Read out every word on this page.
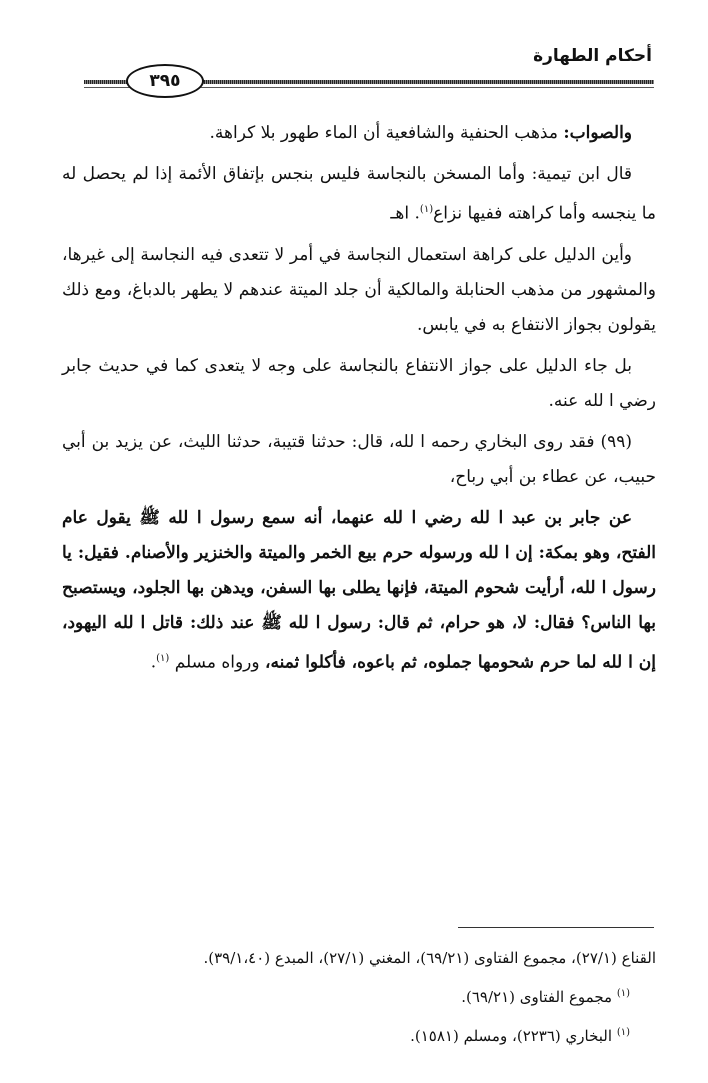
أحكام الطهارة
٣٩٥

والصواب: مذهب الحنفية والشافعية أن الماء طهور بلا كراهة.

قال ابن تيمية: وأما المسخن بالنجاسة فليس بنجس بإتفاق الأئمة إذا لم يحصل له ما ينجسه وأما كراهته ففيها نزاع$^{(١)}$. اهـ

وأين الدليل على كراهة استعمال النجاسة في أمر لا تتعدى فيه النجاسة إلى غيرها، والمشهور من مذهب الحنابلة والمالكية أن جلد الميتة عندهم لا يطهر بالدباغ، ومع ذلك يقولون بجواز الانتفاع به في يابس.

بل جاء الدليل على جواز الانتفاع بالنجاسة على وجه لا يتعدى كما في حديث جابر رضي ا لله عنه.

(٩٩) فقد روى البخاري رحمه ا لله، قال: حدثنا قتيبة، حدثنا الليث، عن يزيد بن أبي حبيب، عن عطاء بن أبي رباح،

عن جابر بن عبد ا لله رضي ا لله عنهما، أنه سمع رسول ا لله ﷺ يقول عام الفتح، وهو بمكة: إن ا لله ورسوله حرم بيع الخمر والميتة والخنزير والأصنام. فقيل: يا رسول ا لله، أرأيت شحوم الميتة، فإنها يطلى بها السفن، ويدهن بها الجلود، ويستصبح بها الناس؟ فقال: لا، هو حرام، ثم قال: رسول ا لله ﷺ عند ذلك: قاتل ا لله اليهود، إن ا لله لما حرم شحومها جملوه، ثم باعوه، فأكلوا ثمنه، ورواه مسلم $^{(١)}$.

القناع (٢٧/١)، مجموع الفتاوى (٦٩/٢١)، المغني (٢٧/١)، المبدع (٣٩/١،٤٠).
$^{(١)}$ مجموع الفتاوى (٦٩/٢١).
$^{(١)}$ البخاري (٢٢٣٦)، ومسلم (١٥٨١).
